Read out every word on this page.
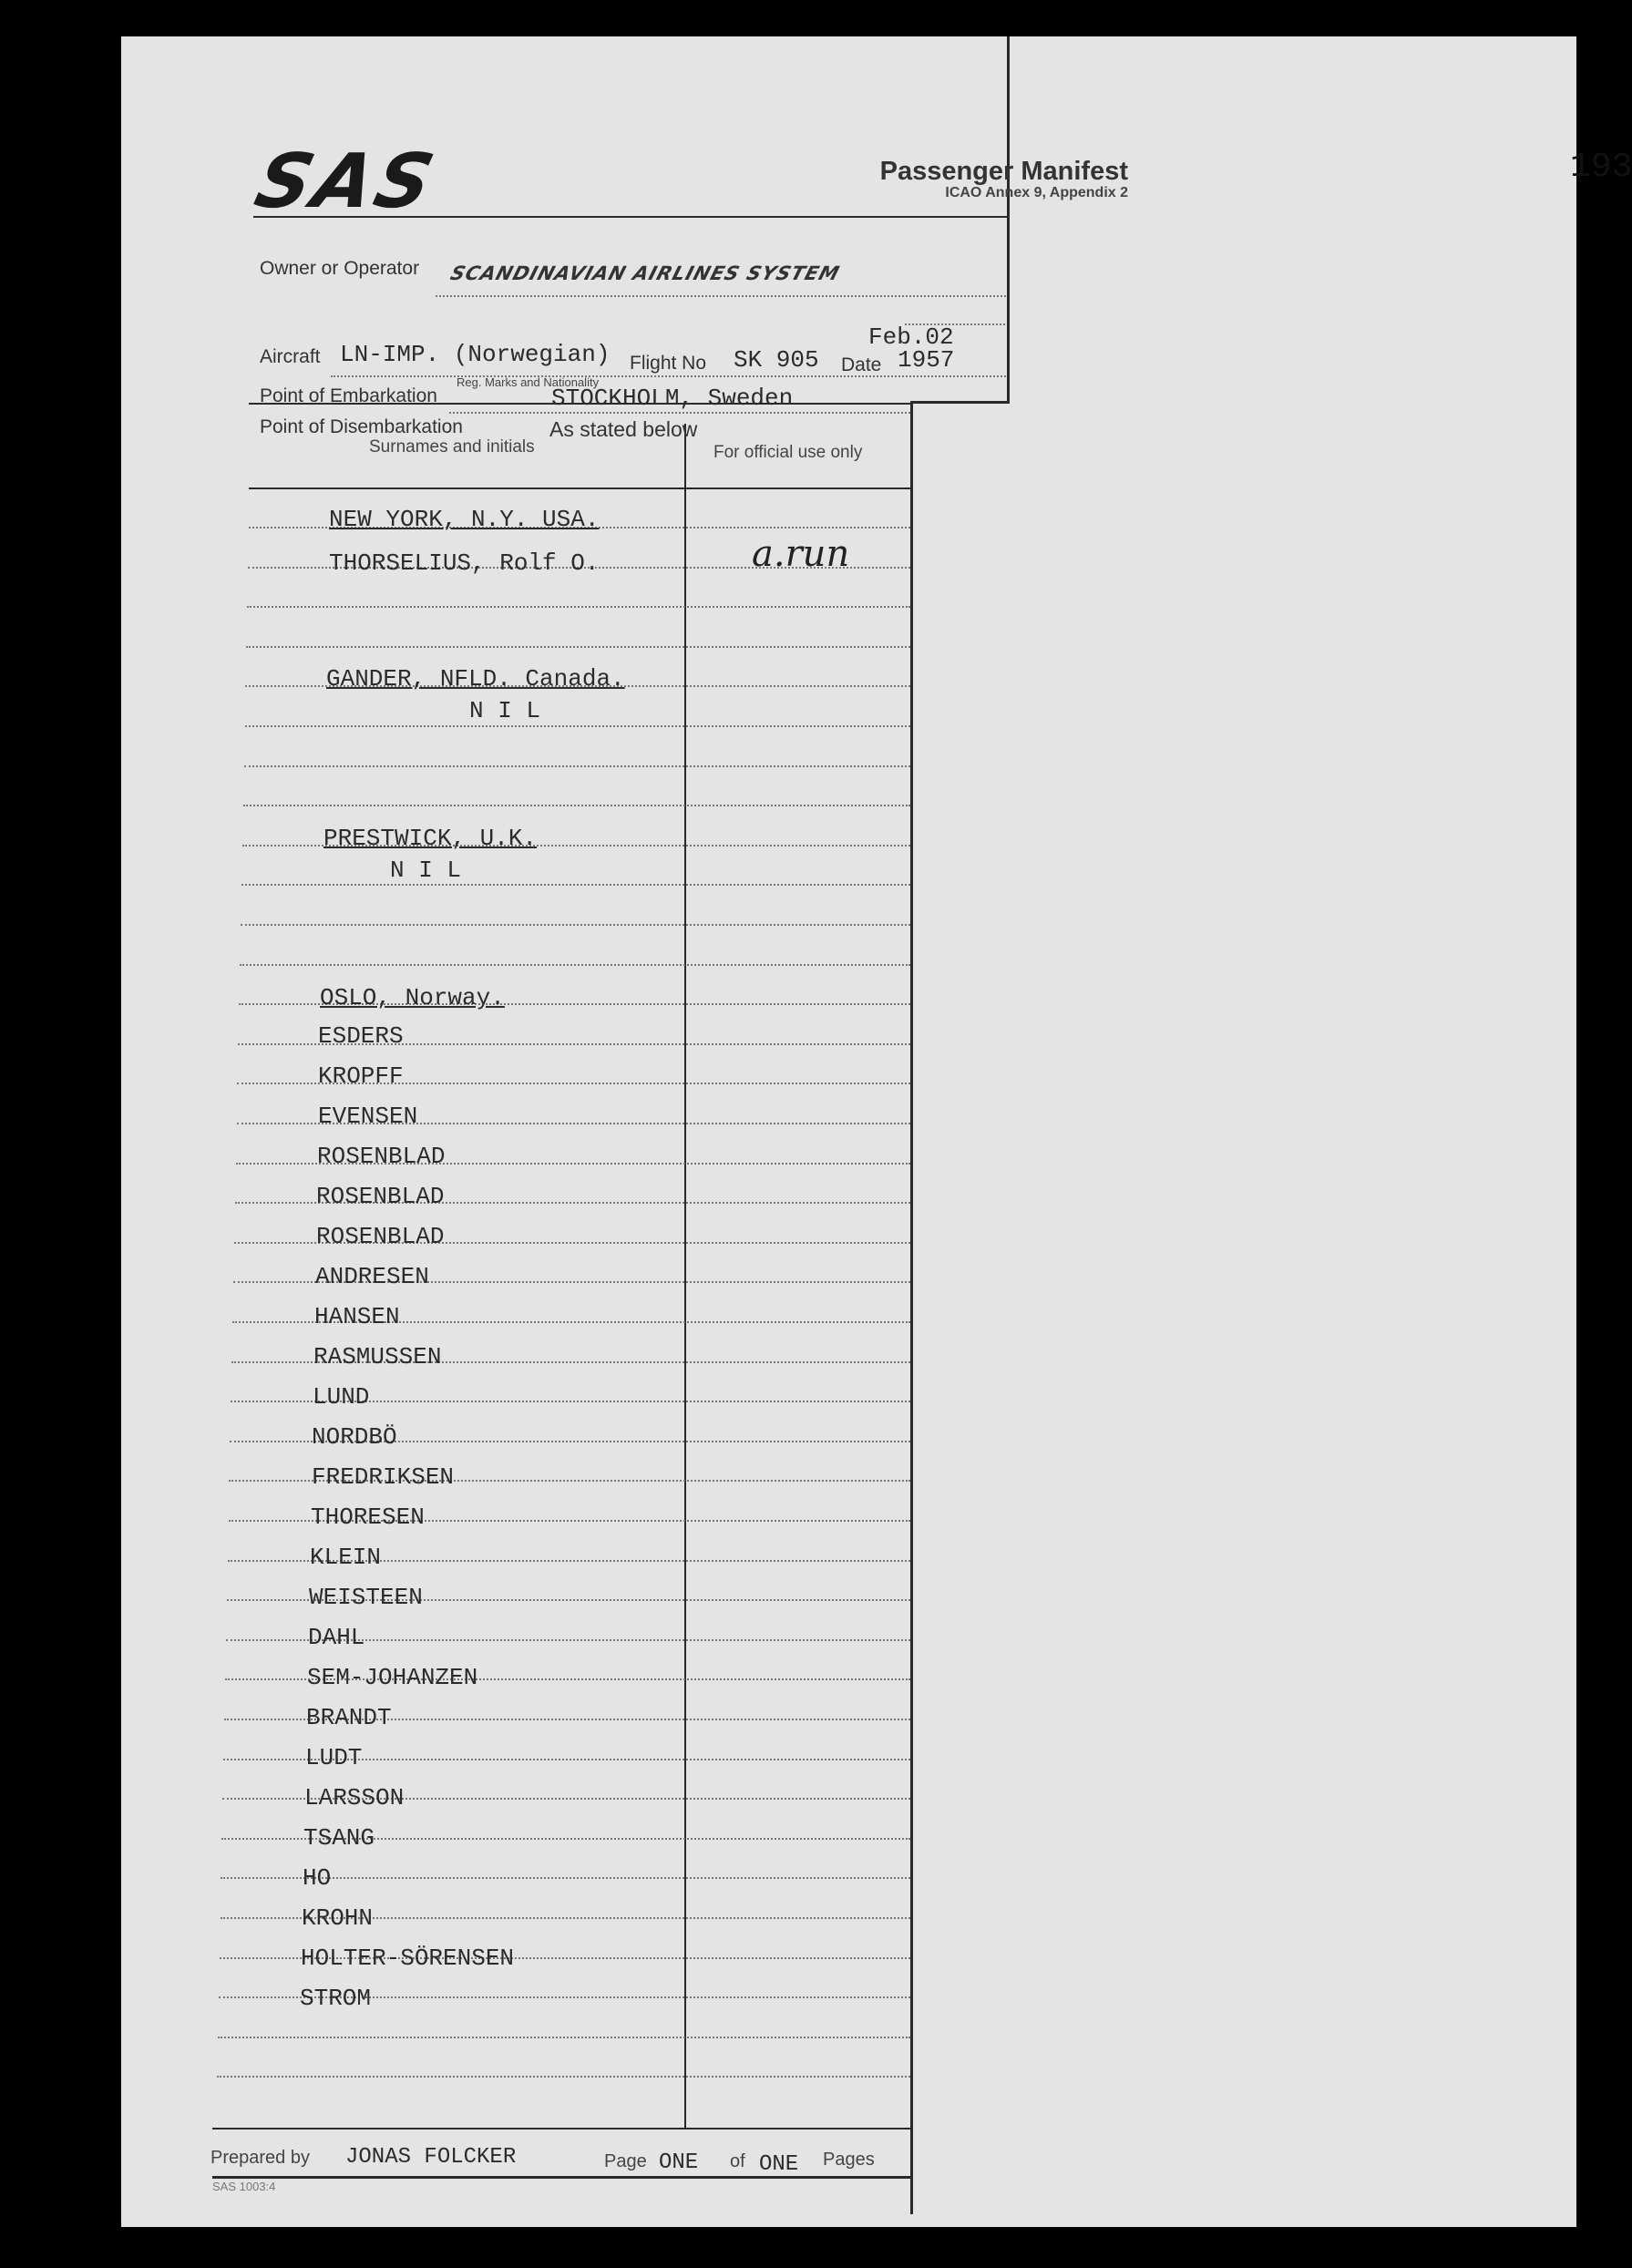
193
SAS	Passenger Manifest
ICAO Annex 9, Appendix 2
Owner or Operator SCANDINAVIAN AIRLINES SYSTEM
Feb.02
Aircraft LN-IMP. (Norwegian) Flight No SK 905 Date 1957
Reg. Marks and Nationality
Point of Embarkation	STOCKHOLM, Sweden
Point of Disembarkation	As stated below
Surnames and initials	For official use only
NEW YORK, N.Y. USA.
THORSELIUS, Rolf O.	a.run
GANDER, NFLD. Canada.
N I L
PRESTWICK, U.K.
N I L
OSLO, Norway.
ESDERS
KROPFF
EVENSEN
ROSENBLAD
ROSENBLAD
ROSENBLAD
ANDRESEN
HANSEN
RASMUSSEN
LUND
NORDBÖ
FREDRIKSEN
THORESEN
KLEIN
WEISTEEN
DAHL
SEM-JOHANZEN
BRANDT
LUDT
LARSSON
TSANG
HO
KROHN
HOLTER-SÖRENSEN
STROM
Prepared by JONAS FOLCKER	Page ONE of ONE Pages
SAS 1003:4
